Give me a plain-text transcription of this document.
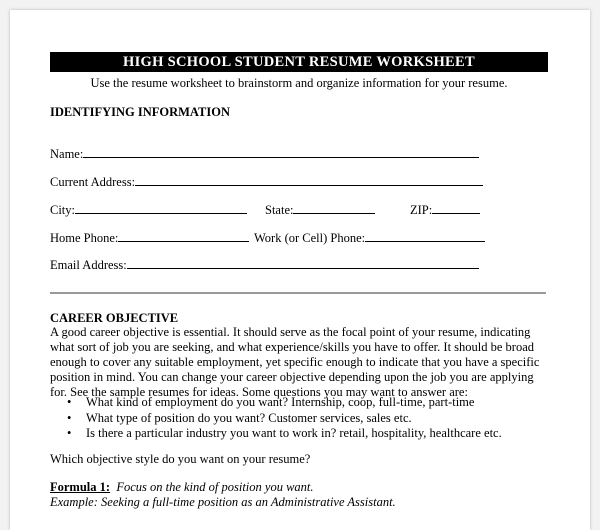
HIGH SCHOOL STUDENT RESUME WORKSHEET
Use the resume worksheet to brainstorm and organize information for your resume.
IDENTIFYING INFORMATION
Name:
Current Address:
City:	State:	ZIP:
Home Phone:	Work (or Cell) Phone:
Email Address:
CAREER OBJECTIVE

A good career objective is essential. It should serve as the focal point of your resume, indicating what sort of job you are seeking, and what experience/skills you have to offer. It should be broad enough to cover any suitable employment, yet specific enough to indicate that you have a specific position in mind. You can change your career objective depending upon the job you are applying for. See the sample resumes for ideas. Some questions you may want to answer are:

• What kind of employment do you want? Internship, coop, full-time, part-time
• What type of position do you want? Customer services, sales etc.
• Is there a particular industry you want to work in? retail, hospitality, healthcare etc.
Which objective style do you want on your resume?
Formula 1: Focus on the kind of position you want.
Example: Seeking a full-time position as an Administrative Assistant.
